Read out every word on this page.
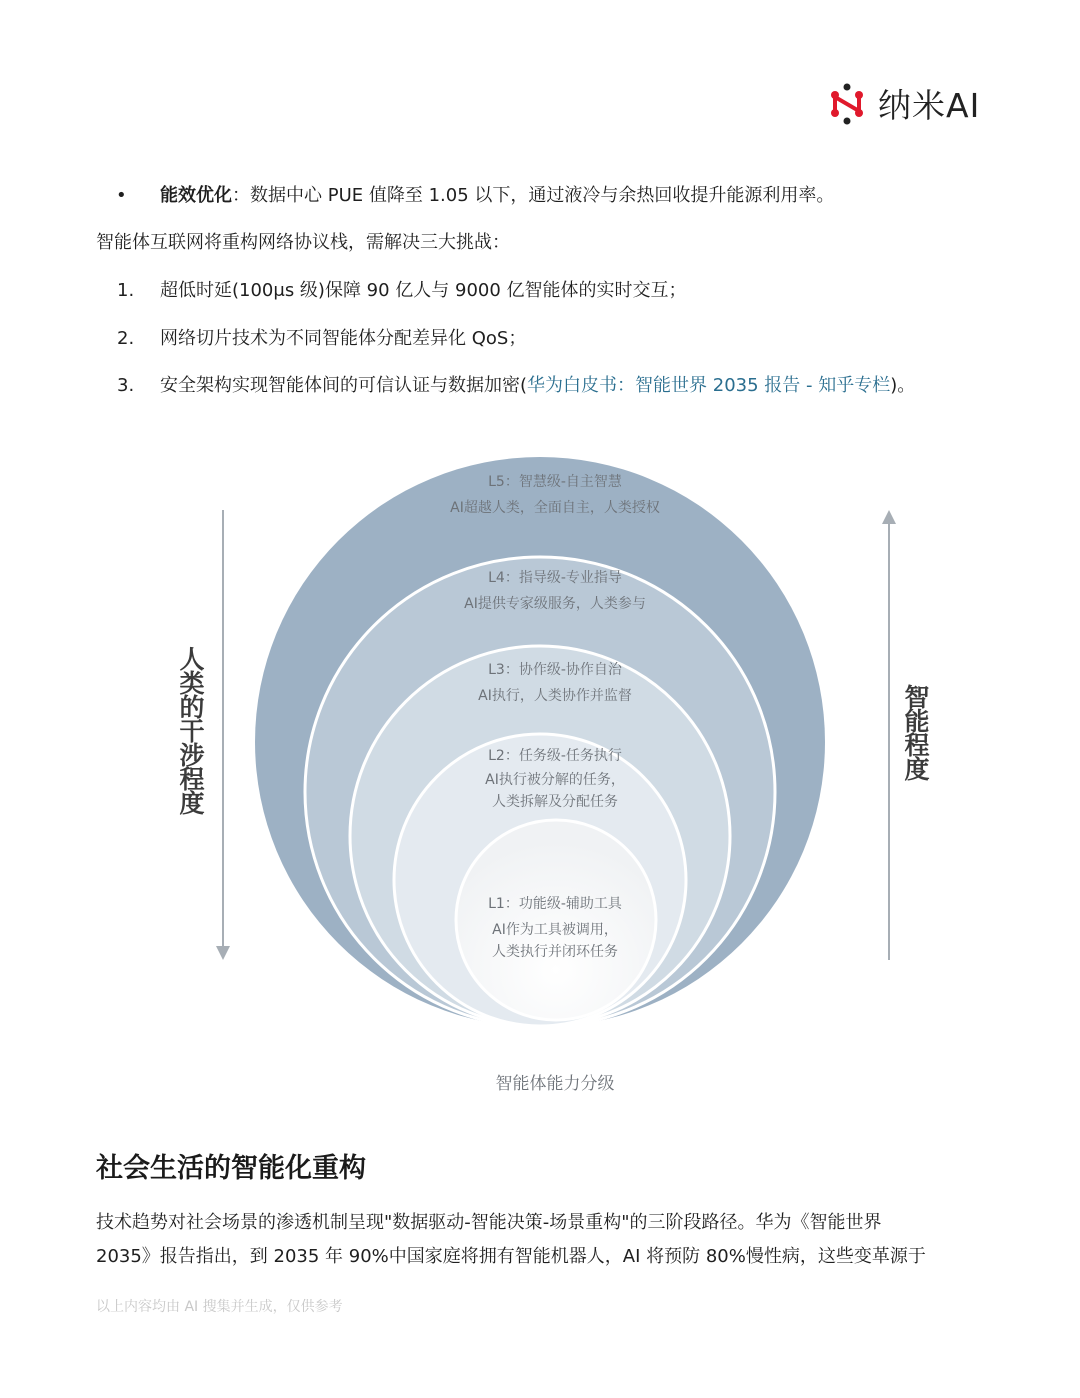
纳米AI
• 能效优化：数据中心 PUE 值降至 1.05 以下，通过液冷与余热回收提升能源利用率。
智能体互联网将重构网络协议栈，需解决三大挑战：
1. 超低时延(100μs 级)保障 90 亿人与 9000 亿智能体的实时交互；
2. 网络切片技术为不同智能体分配差异化 QoS；
3. 安全架构实现智能体间的可信认证与数据加密(华为白皮书：智能世界 2035 报告 - 知乎专栏)。
L5：智慧级-自主智慧
AI超越人类，全面自主，人类授权
L4：指导级-专业指导
AI提供专家级服务，人类参与
L3：协作级-协作自治
AI执行，人类协作并监督
L2：任务级-任务执行
AI执行被分解的任务，
人类拆解及分配任务
L1：功能级-辅助工具
AI作为工具被调用，
人类执行并闭环任务
智能体能力分级
人类的干涉程度
智能程度
社会生活的智能化重构
技术趋势对社会场景的渗透机制呈现"数据驱动-智能决策-场景重构"的三阶段路径。华为《智能世界
2035》报告指出，到 2035 年 90%中国家庭将拥有智能机器人，AI 将预防 80%慢性病，这些变革源于
以上内容均由 AI 搜集并生成，仅供参考
